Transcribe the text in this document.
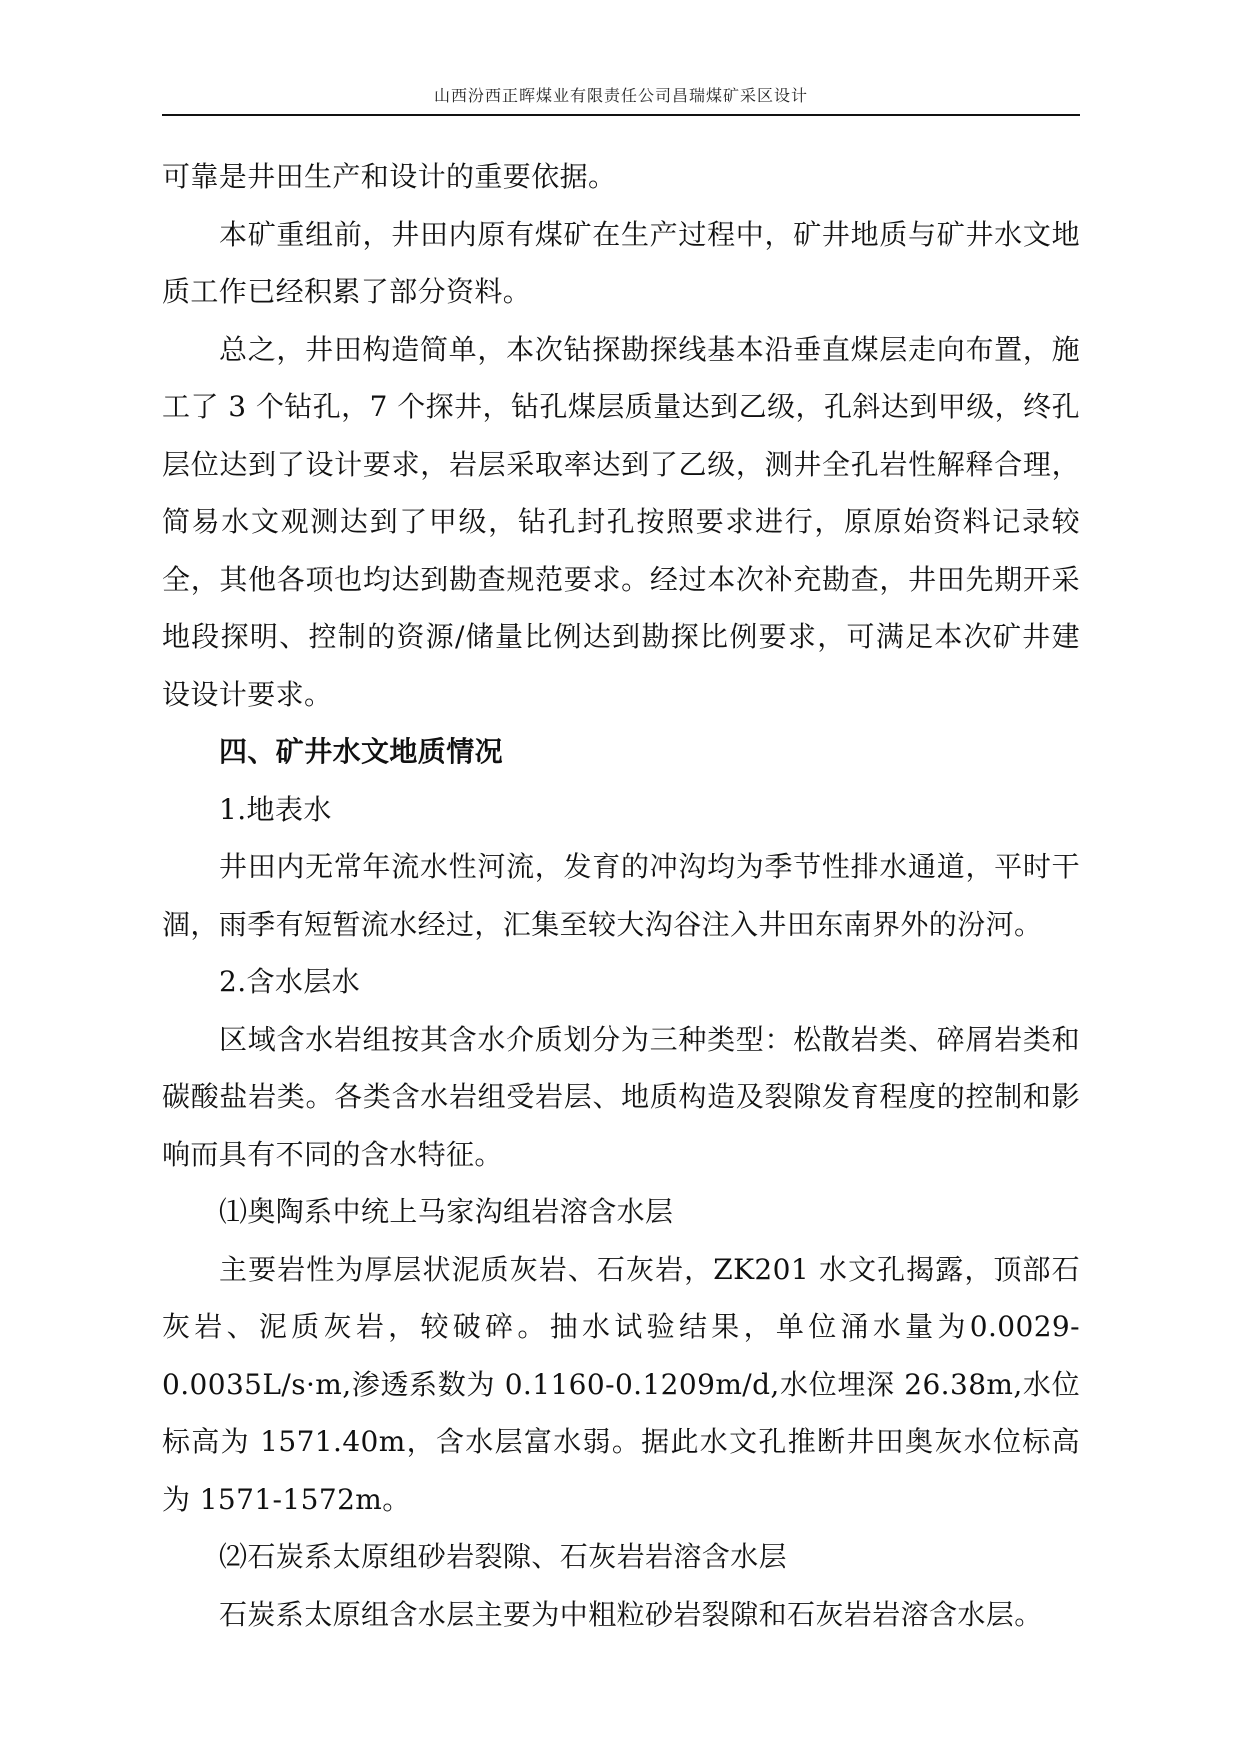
山西汾西正晖煤业有限责任公司昌瑞煤矿采区设计

可靠是井田生产和设计的重要依据。

本矿重组前，井田内原有煤矿在生产过程中，矿井地质与矿井水文地质工作已经积累了部分资料。

总之，井田构造简单，本次钻探勘探线基本沿垂直煤层走向布置，施工了 3 个钻孔，7 个探井，钻孔煤层质量达到乙级，孔斜达到甲级，终孔层位达到了设计要求，岩层采取率达到了乙级，测井全孔岩性解释合理，简易水文观测达到了甲级，钻孔封孔按照要求进行，原原始资料记录较全，其他各项也均达到勘查规范要求。经过本次补充勘查，井田先期开采地段探明、控制的资源/储量比例达到勘探比例要求，可满足本次矿井建设设计要求。

四、矿井水文地质情况

1.地表水

井田内无常年流水性河流，发育的冲沟均为季节性排水通道，平时干涸，雨季有短暂流水经过，汇集至较大沟谷注入井田东南界外的汾河。

2.含水层水

区域含水岩组按其含水介质划分为三种类型：松散岩类、碎屑岩类和碳酸盐岩类。各类含水岩组受岩层、地质构造及裂隙发育程度的控制和影响而具有不同的含水特征。

⑴奥陶系中统上马家沟组岩溶含水层

主要岩性为厚层状泥质灰岩、石灰岩，ZK201 水文孔揭露，顶部石灰岩、泥质灰岩，较破碎。抽水试验结果，单位涌水量为0.0029-0.0035L/s·m,渗透系数为 0.1160-0.1209m/d,水位埋深 26.38m,水位标高为 1571.40m，含水层富水弱。据此水文孔推断井田奥灰水位标高为 1571-1572m。

⑵石炭系太原组砂岩裂隙、石灰岩岩溶含水层

石炭系太原组含水层主要为中粗粒砂岩裂隙和石灰岩岩溶含水层。
